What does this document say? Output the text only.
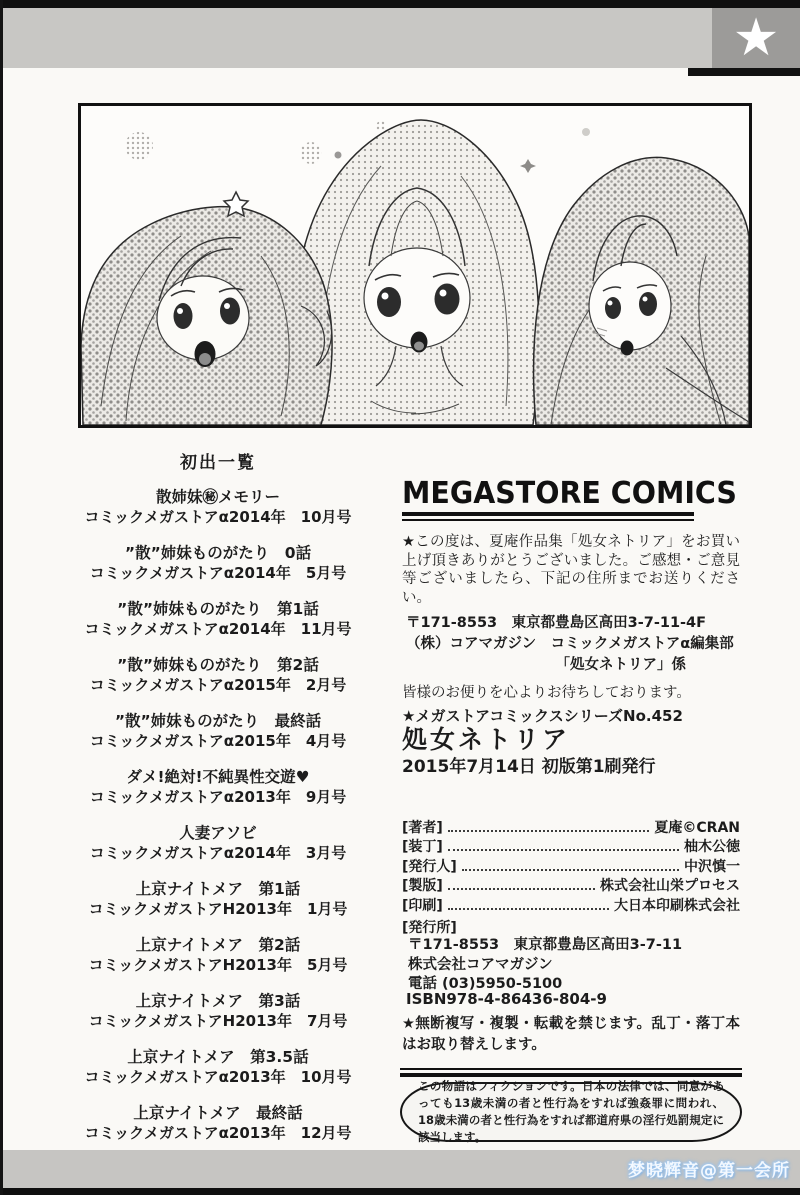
★
初出一覧
散姉妹㊙メモリー
コミックメガストアα2014年　10月号
”散”姉妹ものがたり　0話
コミックメガストアα2014年　5月号
”散”姉妹ものがたり　第1話
コミックメガストアα2014年　11月号
”散”姉妹ものがたり　第2話
コミックメガストアα2015年　2月号
”散”姉妹ものがたり　最終話
コミックメガストアα2015年　4月号
ダメ!絶対!不純異性交遊♥
コミックメガストアα2013年　9月号
人妻アソビ
コミックメガストアα2014年　3月号
上京ナイトメア　第1話
コミックメガストアH2013年　1月号
上京ナイトメア　第2話
コミックメガストアH2013年　5月号
上京ナイトメア　第3話
コミックメガストアH2013年　7月号
上京ナイトメア　第3.5話
コミックメガストアα2013年　10月号
上京ナイトメア　最終話
コミックメガストアα2013年　12月号
MEGASTORE COMICS

★この度は、夏庵作品集「処女ネトリア」をお買い上げ頂きありがとうございました。ご感想・ご意見等ございましたら、下記の住所までお送りください。

〒171-8553　東京都豊島区高田3-7-11-4F
（株）コアマガジン　コミックメガストアα編集部
「処女ネトリア」係

皆様のお便りを心よりお待ちしております。

★メガストアコミックスシリーズNo.452
処女ネトリア
2015年7月14日 初版第1刷発行
[著者]	夏庵©CRAN
[装丁]	柚木公徳
[発行人]	中沢慎一
[製版]	株式会社山栄プロセス
[印刷]	大日本印刷株式会社
[発行所]
〒171-8553　東京都豊島区高田3-7-11
株式会社コアマガジン
電話 (03)5950-5100
ISBN978-4-86436-804-9

★無断複写・複製・転載を禁じます。乱丁・落丁本はお取り替えします。

この物語はフィクションです。日本の法律では、同意があっても13歳未満の者と性行為をすれば強姦罪に問われ、18歳未満の者と性行為をすれば都道府県の淫行処罰規定に該当します。

梦晓辉音@第一会所
